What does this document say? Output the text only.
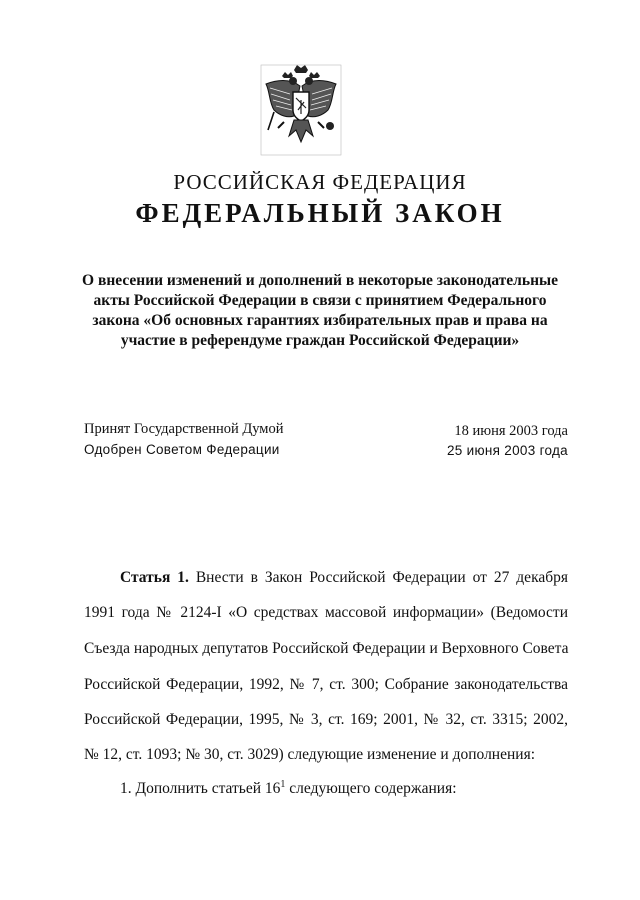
РОССИЙСКАЯ ФЕДЕРАЦИЯ
ФЕДЕРАЛЬНЫЙ ЗАКОН
О внесении изменений и дополнений в некоторые законодательные
акты Российской Федерации в связи с принятием Федерального
закона «Об основных гарантиях избирательных прав и права на
участие в референдуме граждан Российской Федерации»
Принят Государственной Думой	18 июня 2003 года
Одобрен Советом Федерации	25 июня 2003 года
Статья 1. Внести в Закон Российской Федерации от 27 декабря
1991 года № 2124-I «О средствах массовой информации» (Ведомости
Съезда народных депутатов Российской Федерации и Верховного Совета
Российской Федерации, 1992, № 7, ст. 300; Собрание законодательства
Российской Федерации, 1995, № 3, ст. 169; 2001, № 32, ст. 3315; 2002,
№ 12, ст. 1093; № 30, ст. 3029) следующие изменение и дополнения:
1. Дополнить статьей $16^1$ следующего содержания:
